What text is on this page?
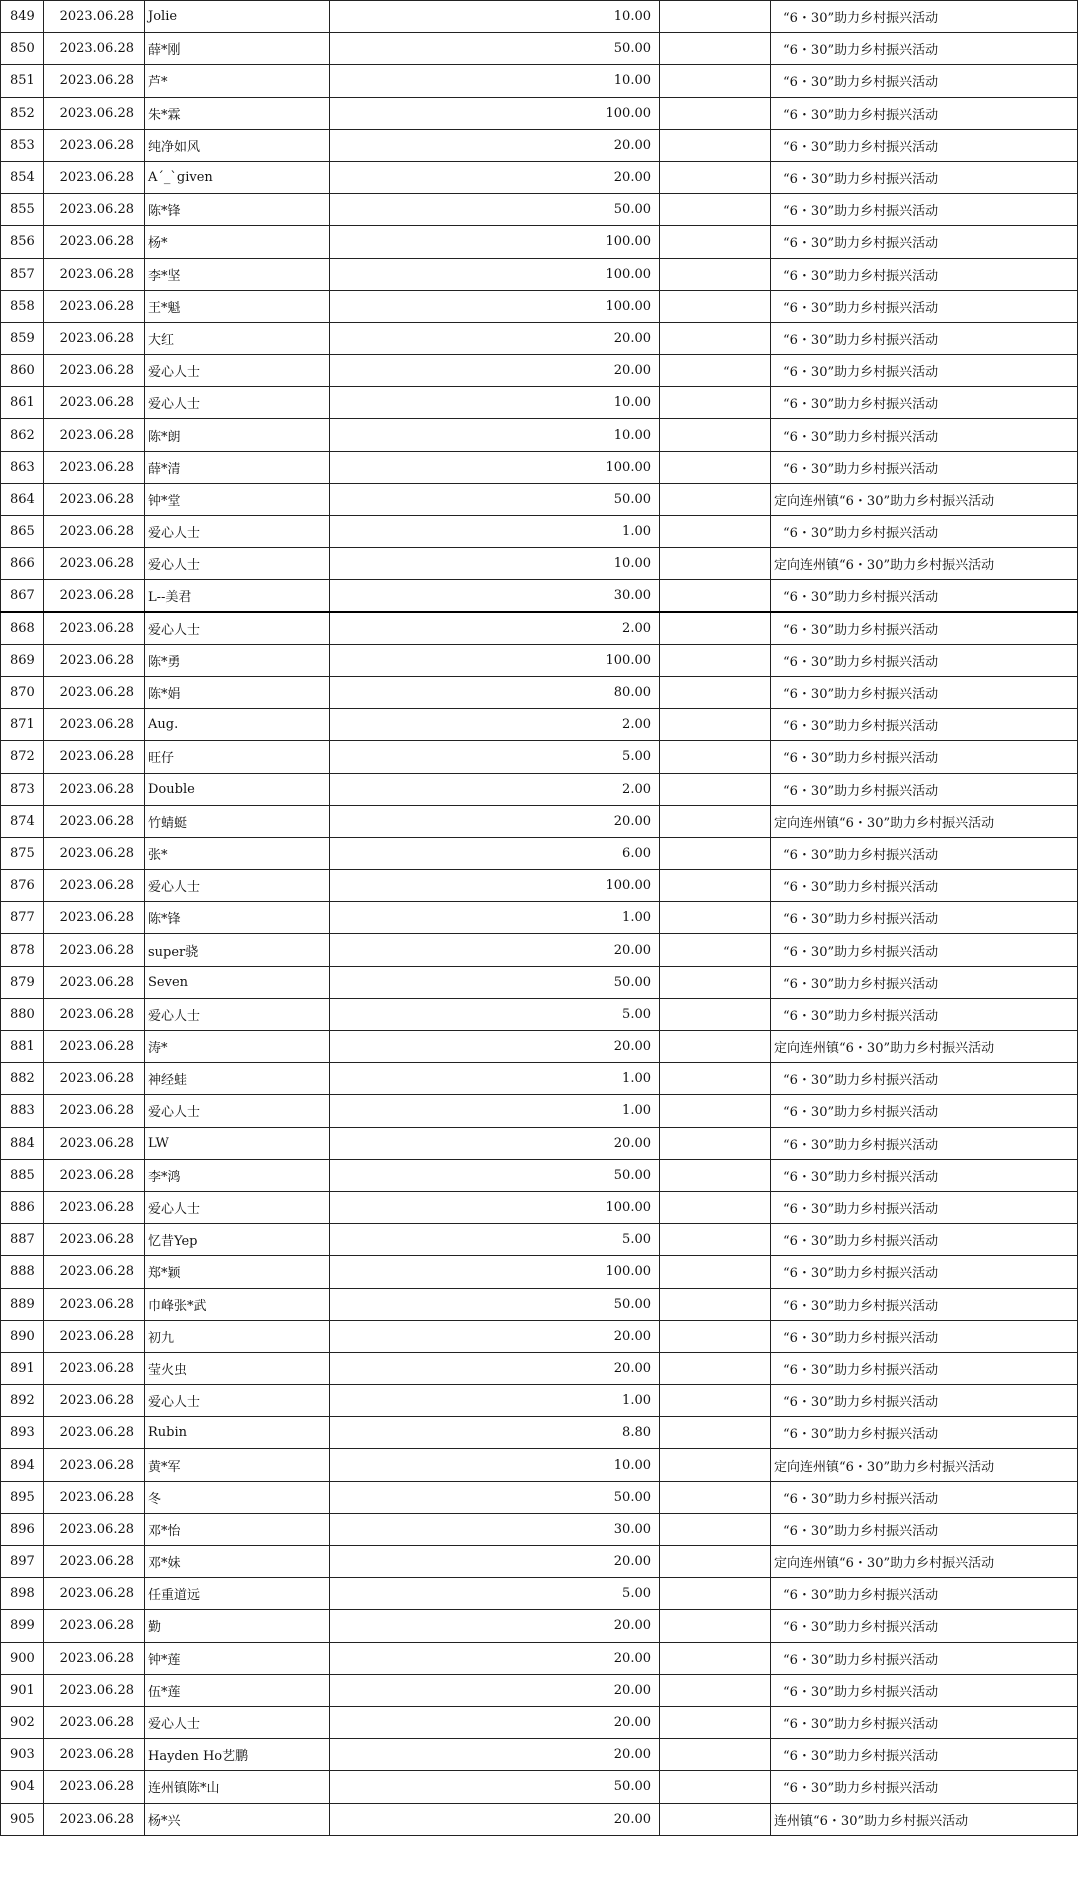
849	2023.06.28	Jolie	10.00		“6・30”助力乡村振兴活动
850	2023.06.28	薛*刚	50.00		“6・30”助力乡村振兴活动
851	2023.06.28	芦*	10.00		“6・30”助力乡村振兴活动
852	2023.06.28	朱*霖	100.00		“6・30”助力乡村振兴活动
853	2023.06.28	纯净如风	20.00		“6・30”助力乡村振兴活动
854	2023.06.28	A´_`given	20.00		“6・30”助力乡村振兴活动
855	2023.06.28	陈*锋	50.00		“6・30”助力乡村振兴活动
856	2023.06.28	杨*	100.00		“6・30”助力乡村振兴活动
857	2023.06.28	李*坚	100.00		“6・30”助力乡村振兴活动
858	2023.06.28	王*魁	100.00		“6・30”助力乡村振兴活动
859	2023.06.28	大红	20.00		“6・30”助力乡村振兴活动
860	2023.06.28	爱心人士	20.00		“6・30”助力乡村振兴活动
861	2023.06.28	爱心人士	10.00		“6・30”助力乡村振兴活动
862	2023.06.28	陈*朗	10.00		“6・30”助力乡村振兴活动
863	2023.06.28	薛*清	100.00		“6・30”助力乡村振兴活动
864	2023.06.28	钟*堂	50.00		定向连州镇“6・30”助力乡村振兴活动
865	2023.06.28	爱心人士	1.00		“6・30”助力乡村振兴活动
866	2023.06.28	爱心人士	10.00		定向连州镇“6・30”助力乡村振兴活动
867	2023.06.28	L--美君	30.00		“6・30”助力乡村振兴活动
868	2023.06.28	爱心人士	2.00		“6・30”助力乡村振兴活动
869	2023.06.28	陈*勇	100.00		“6・30”助力乡村振兴活动
870	2023.06.28	陈*娟	80.00		“6・30”助力乡村振兴活动
871	2023.06.28	Aug.	2.00		“6・30”助力乡村振兴活动
872	2023.06.28	旺仔	5.00		“6・30”助力乡村振兴活动
873	2023.06.28	Double	2.00		“6・30”助力乡村振兴活动
874	2023.06.28	竹蜻蜓	20.00		定向连州镇“6・30”助力乡村振兴活动
875	2023.06.28	张*	6.00		“6・30”助力乡村振兴活动
876	2023.06.28	爱心人士	100.00		“6・30”助力乡村振兴活动
877	2023.06.28	陈*锋	1.00		“6・30”助力乡村振兴活动
878	2023.06.28	super骁	20.00		“6・30”助力乡村振兴活动
879	2023.06.28	Seven	50.00		“6・30”助力乡村振兴活动
880	2023.06.28	爱心人士	5.00		“6・30”助力乡村振兴活动
881	2023.06.28	涛*	20.00		定向连州镇“6・30”助力乡村振兴活动
882	2023.06.28	神经蛙	1.00		“6・30”助力乡村振兴活动
883	2023.06.28	爱心人士	1.00		“6・30”助力乡村振兴活动
884	2023.06.28	LW	20.00		“6・30”助力乡村振兴活动
885	2023.06.28	李*鸿	50.00		“6・30”助力乡村振兴活动
886	2023.06.28	爱心人士	100.00		“6・30”助力乡村振兴活动
887	2023.06.28	忆昔Yep	5.00		“6・30”助力乡村振兴活动
888	2023.06.28	郑*颖	100.00		“6・30”助力乡村振兴活动
889	2023.06.28	巾峰张*武	50.00		“6・30”助力乡村振兴活动
890	2023.06.28	初九	20.00		“6・30”助力乡村振兴活动
891	2023.06.28	莹火虫	20.00		“6・30”助力乡村振兴活动
892	2023.06.28	爱心人士	1.00		“6・30”助力乡村振兴活动
893	2023.06.28	Rubin	8.80		“6・30”助力乡村振兴活动
894	2023.06.28	黄*军	10.00		定向连州镇“6・30”助力乡村振兴活动
895	2023.06.28	冬	50.00		“6・30”助力乡村振兴活动
896	2023.06.28	邓*怡	30.00		“6・30”助力乡村振兴活动
897	2023.06.28	邓*妹	20.00		定向连州镇“6・30”助力乡村振兴活动
898	2023.06.28	任重道远	5.00		“6・30”助力乡村振兴活动
899	2023.06.28	勤	20.00		“6・30”助力乡村振兴活动
900	2023.06.28	钟*莲	20.00		“6・30”助力乡村振兴活动
901	2023.06.28	伍*莲	20.00		“6・30”助力乡村振兴活动
902	2023.06.28	爱心人士	20.00		“6・30”助力乡村振兴活动
903	2023.06.28	Hayden Ho艺鹏	20.00		“6・30”助力乡村振兴活动
904	2023.06.28	连州镇陈*山	50.00		“6・30”助力乡村振兴活动
905	2023.06.28	杨*兴	20.00		连州镇“6・30”助力乡村振兴活动
